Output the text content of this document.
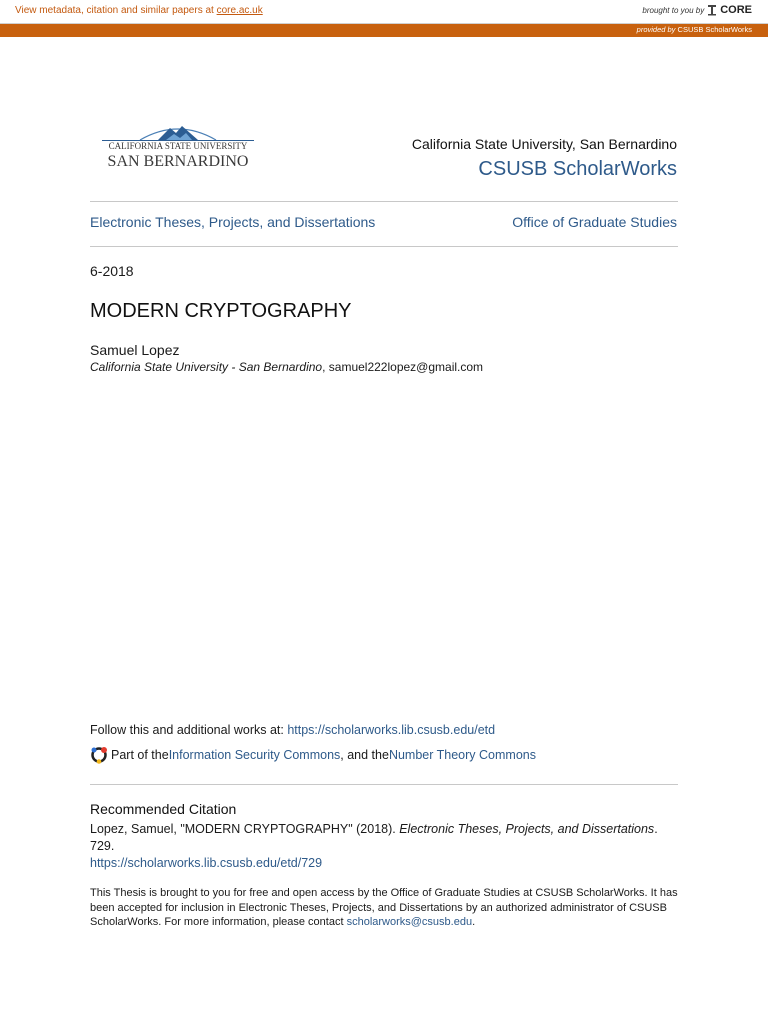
View metadata, citation and similar papers at core.ac.uk	brought to you by CORE
provided by CSUSB ScholarWorks
CALIFORNIA STATE UNIVERSITY
SAN BERNARDINO
California State University, San Bernardino
CSUSB ScholarWorks
Electronic Theses, Projects, and Dissertations	Office of Graduate Studies
6-2018
MODERN CRYPTOGRAPHY
Samuel Lopez
California State University - San Bernardino, samuel222lopez@gmail.com
Follow this and additional works at: https://scholarworks.lib.csusb.edu/etd
Part of the Information Security Commons , and the Number Theory Commons
Recommended Citation
Lopez, Samuel, "MODERN CRYPTOGRAPHY" (2018). Electronic Theses, Projects, and Dissertations. 729.
https://scholarworks.lib.csusb.edu/etd/729
This Thesis is brought to you for free and open access by the Office of Graduate Studies at CSUSB ScholarWorks. It has been accepted for inclusion in Electronic Theses, Projects, and Dissertations by an authorized administrator of CSUSB ScholarWorks. For more information, please contact scholarworks@csusb.edu.
